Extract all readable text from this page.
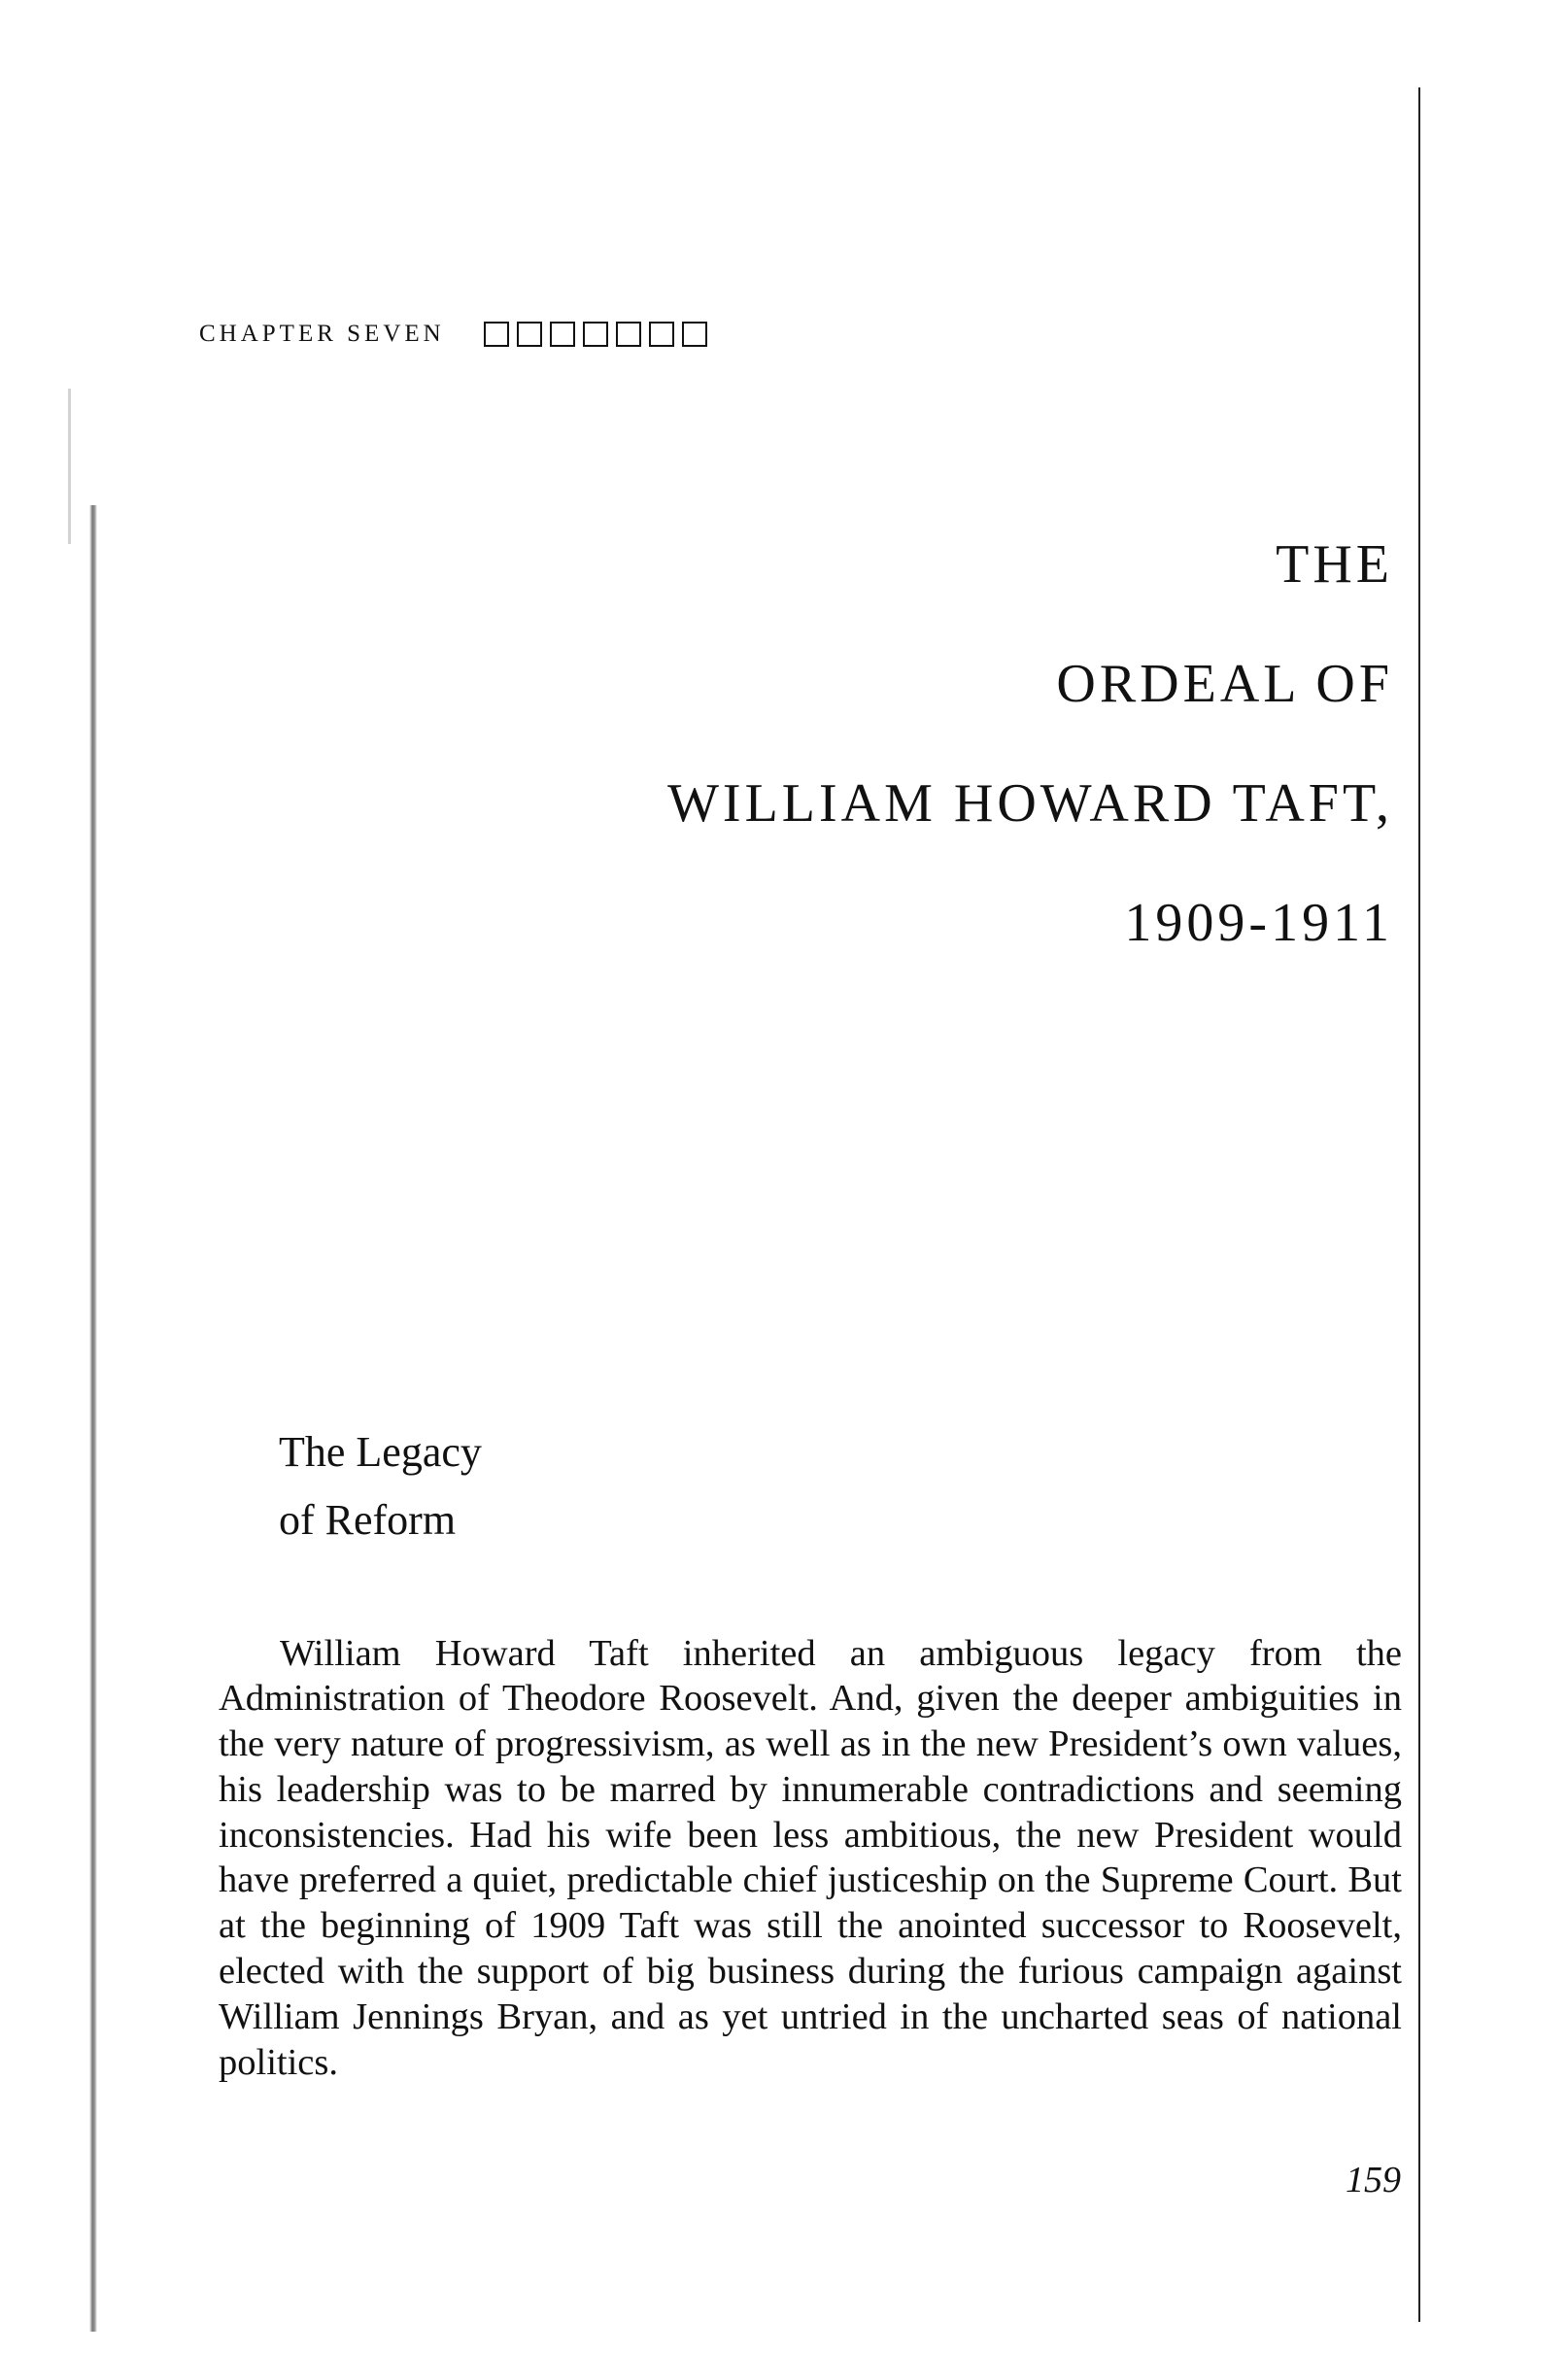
CHAPTER SEVEN
THE
ORDEAL OF
WILLIAM HOWARD TAFT,
1909-1911
The Legacy
of Reform

William Howard Taft inherited an ambiguous legacy from the Administration of Theodore Roosevelt. And, given the deeper ambiguities in the very nature of progressivism, as well as in the new President’s own values, his leadership was to be marred by innumerable contradictions and seeming inconsistencies. Had his wife been less ambitious, the new President would have preferred a quiet, predictable chief justiceship on the Supreme Court. But at the beginning of 1909 Taft was still the anointed successor to Roosevelt, elected with the support of big business during the furious campaign against William Jennings Bryan, and as yet untried in the uncharted seas of national politics.

159
